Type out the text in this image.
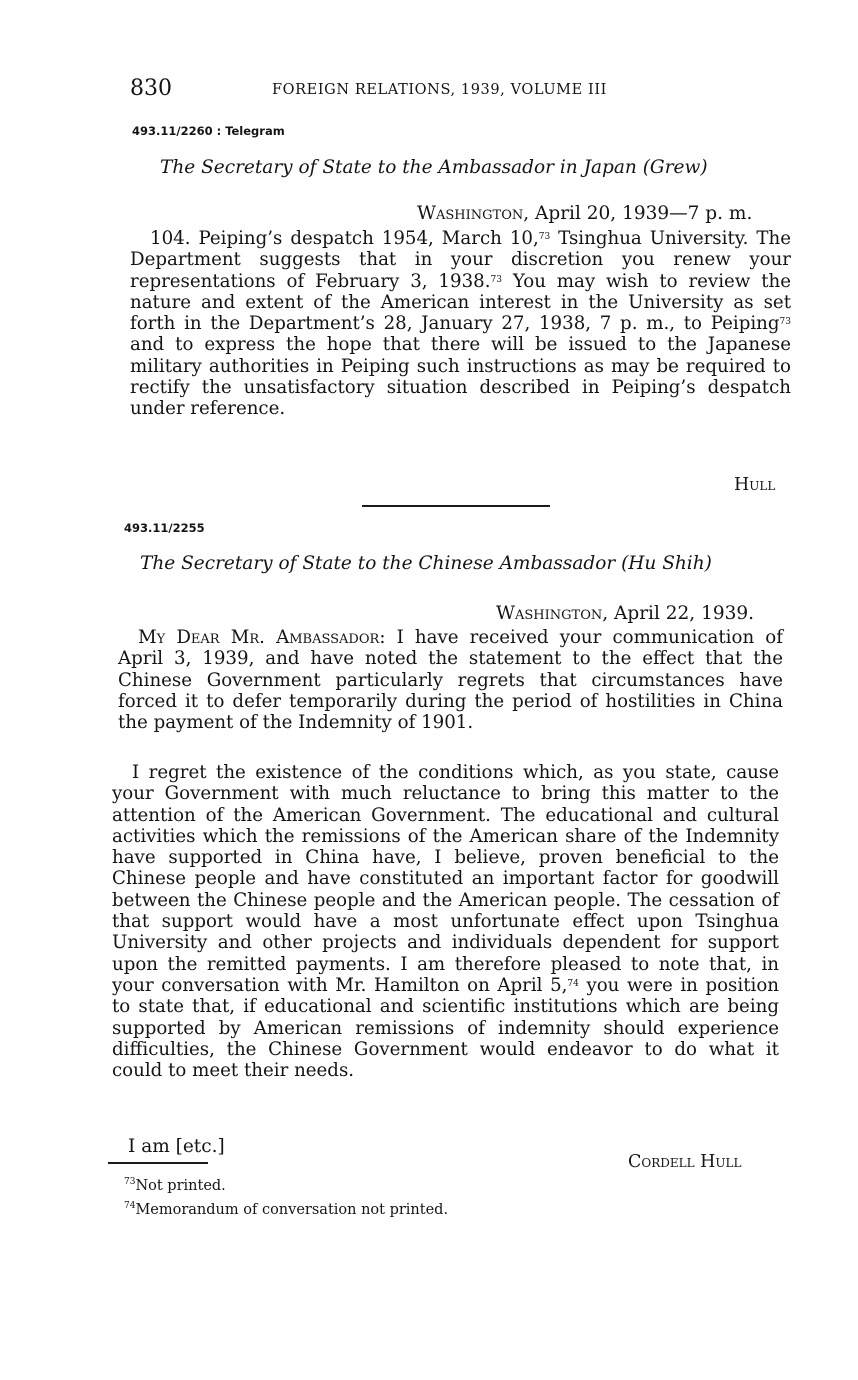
830	FOREIGN RELATIONS, 1939, VOLUME III
493.11/2260 : Telegram
The Secretary of State to the Ambassador in Japan (Grew)
Washington, April 20, 1939—7 p. m.

104. Peiping’s despatch 1954, March 10,73 Tsinghua University. The Department suggests that in your discretion you renew your representations of February 3, 1938.73 You may wish to review the nature and extent of the American interest in the University as set forth in the Department’s 28, January 27, 1938, 7 p. m., to Peiping$^{73}$ and to express the hope that there will be issued to the Japanese military authorities in Peiping such instructions as may be required to rectify the unsatisfactory situation described in Peiping’s despatch under reference.

Hull
493.11/2255
The Secretary of State to the Chinese Ambassador (Hu Shih)
Washington, April 22, 1939.

My Dear Mr. Ambassador: I have received your communication of April 3, 1939, and have noted the statement to the effect that the Chinese Government particularly regrets that circumstances have forced it to defer temporarily during the period of hostilities in China the payment of the Indemnity of 1901.

I regret the existence of the conditions which, as you state, cause your Government with much reluctance to bring this matter to the attention of the American Government. The educational and cultural activities which the remissions of the American share of the Indemnity have supported in China have, I believe, proven beneficial to the Chinese people and have constituted an important factor for goodwill between the Chinese people and the American people. The cessation of that support would have a most unfortunate effect upon Tsinghua University and other projects and individuals dependent for support upon the remitted payments. I am therefore pleased to note that, in your conversation with Mr. Hamilton on April 5,74 you were in position to state that, if educational and scientific institutions which are being supported by American remissions of indemnity should experience difficulties, the Chinese Government would endeavor to do what it could to meet their needs.

I am [etc.]
Cordell Hull
$^{73}$Not printed.
$^{74}$Memorandum of conversation not printed.
